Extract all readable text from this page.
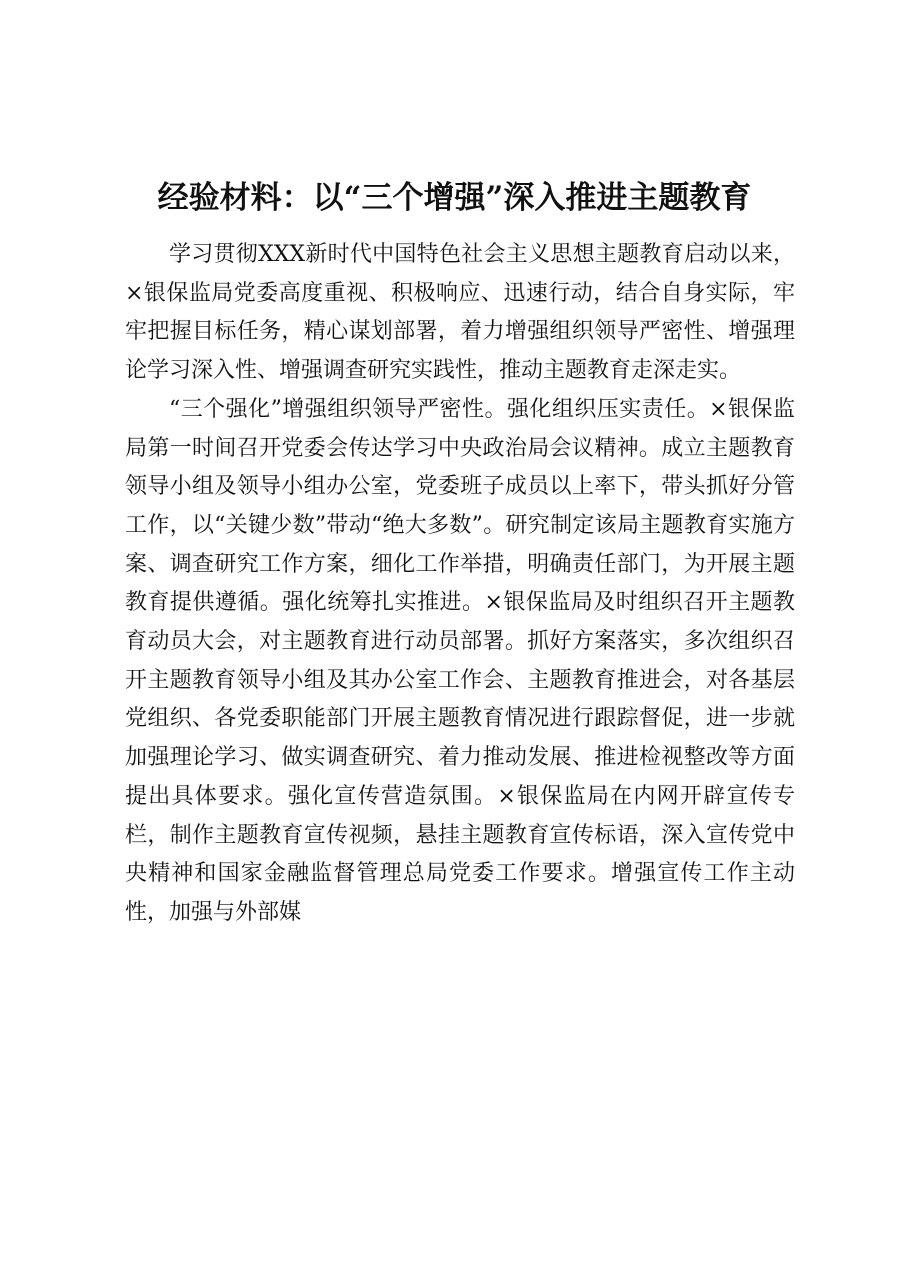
经验材料：以“三个增强”深入推进主题教育

学习贯彻XXX新时代中国特色社会主义思想主题教育启动以来，×银保监局党委高度重视、积极响应、迅速行动，结合自身实际，牢牢把握目标任务，精心谋划部署，着力增强组织领导严密性、增强理论学习深入性、增强调查研究实践性，推动主题教育走深走实。

“三个强化”增强组织领导严密性。强化组织压实责任。×银保监局第一时间召开党委会传达学习中央政治局会议精神。成立主题教育领导小组及领导小组办公室，党委班子成员以上率下，带头抓好分管工作，以“关键少数”带动“绝大多数”。研究制定该局主题教育实施方案、调查研究工作方案，细化工作举措，明确责任部门，为开展主题教育提供遵循。强化统筹扎实推进。×银保监局及时组织召开主题教育动员大会，对主题教育进行动员部署。抓好方案落实，多次组织召开主题教育领导小组及其办公室工作会、主题教育推进会，对各基层党组织、各党委职能部门开展主题教育情况进行跟踪督促，进一步就加强理论学习、做实调查研究、着力推动发展、推进检视整改等方面提出具体要求。强化宣传营造氛围。×银保监局在内网开辟宣传专栏，制作主题教育宣传视频，悬挂主题教育宣传标语，深入宣传党中央精神和国家金融监督管理总局党委工作要求。增强宣传工作主动性，加强与外部媒
